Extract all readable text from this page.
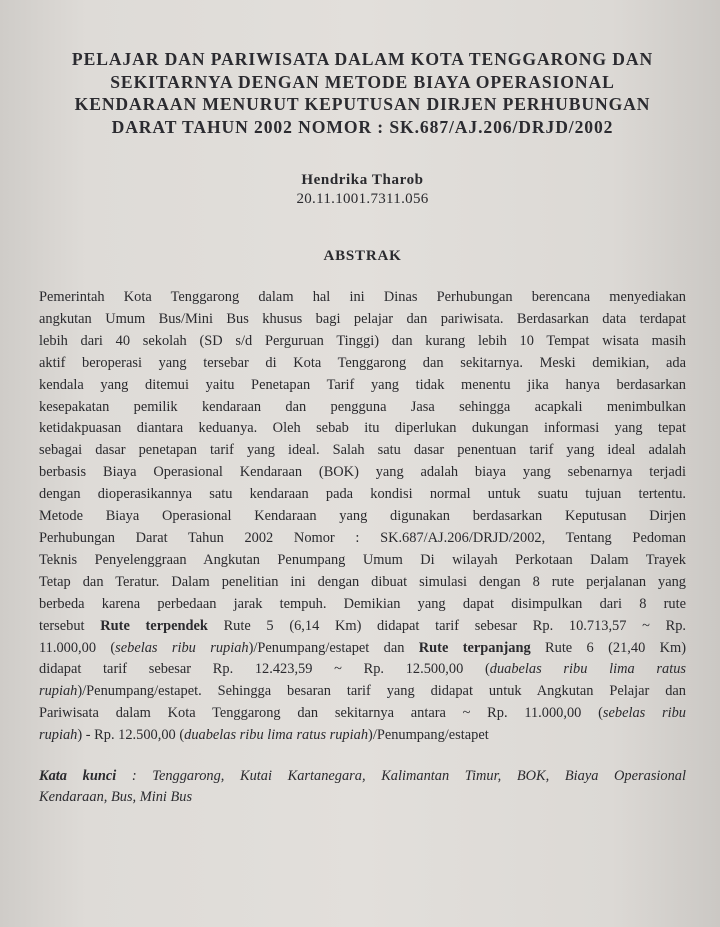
PELAJAR DAN PARIWISATA DALAM KOTA TENGGARONG DAN
SEKITARNYA DENGAN METODE BIAYA OPERASIONAL
KENDARAAN MENURUT KEPUTUSAN DIRJEN PERHUBUNGAN
DARAT TAHUN 2002 NOMOR : SK.687/AJ.206/DRJD/2002
Hendrika Tharob
20.11.1001.7311.056
ABSTRAK
Pemerintah Kota Tenggarong dalam hal ini Dinas Perhubungan berencana menyediakan
angkutan Umum Bus/Mini Bus khusus bagi pelajar dan pariwisata. Berdasarkan data terdapat
lebih dari 40 sekolah (SD s/d Perguruan Tinggi) dan kurang lebih 10 Tempat wisata masih
aktif beroperasi yang tersebar di Kota Tenggarong dan sekitarnya. Meski demikian, ada
kendala yang ditemui yaitu Penetapan Tarif yang tidak menentu jika hanya berdasarkan
kesepakatan pemilik kendaraan dan pengguna Jasa sehingga acapkali menimbulkan
ketidakpuasan diantara keduanya. Oleh sebab itu diperlukan dukungan informasi yang tepat
sebagai dasar penetapan tarif yang ideal. Salah satu dasar penentuan tarif yang ideal adalah
berbasis Biaya Operasional Kendaraan (BOK) yang adalah biaya yang sebenarnya terjadi
dengan dioperasikannya satu kendaraan pada kondisi normal untuk suatu tujuan tertentu.
Metode Biaya Operasional Kendaraan yang digunakan berdasarkan Keputusan Dirjen
Perhubungan Darat Tahun 2002 Nomor : SK.687/AJ.206/DRJD/2002, Tentang Pedoman
Teknis Penyelenggraan Angkutan Penumpang Umum Di wilayah Perkotaan Dalam Trayek
Tetap dan Teratur. Dalam penelitian ini dengan dibuat simulasi dengan 8 rute perjalanan yang
berbeda karena perbedaan jarak tempuh. Demikian yang dapat disimpulkan dari 8 rute
tersebut Rute terpendek Rute 5 (6,14 Km) didapat tarif sebesar Rp. 10.713,57 ~ Rp.
11.000,00 (sebelas ribu rupiah)/Penumpang/estapet dan Rute terpanjang Rute 6 (21,40 Km)
didapat tarif sebesar Rp. 12.423,59 ~ Rp. 12.500,00 (duabelas ribu lima ratus
rupiah)/Penumpang/estapet. Sehingga besaran tarif yang didapat untuk Angkutan Pelajar dan
Pariwisata dalam Kota Tenggarong dan sekitarnya antara ~ Rp. 11.000,00 (sebelas ribu
rupiah) - Rp. 12.500,00 (duabelas ribu lima ratus rupiah)/Penumpang/estapet
Kata kunci : Tenggarong, Kutai Kartanegara, Kalimantan Timur, BOK, Biaya Operasional
Kendaraan, Bus, Mini Bus
